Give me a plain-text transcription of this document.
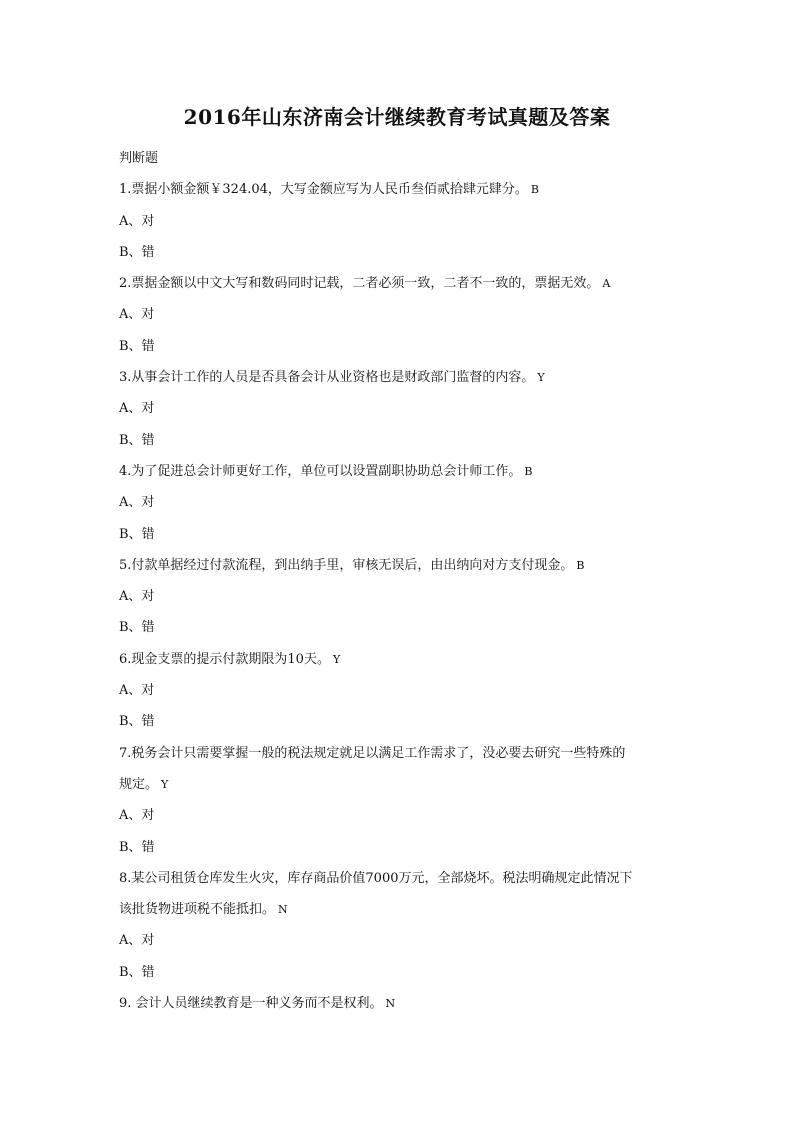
2016年山东济南会计继续教育考试真题及答案
判断题
1.票据小额金额￥324.04，大写金额应写为人民币叁佰贰拾肆元肆分。 B
A、对
B、错
2.票据金额以中文大写和数码同时记载，二者必须一致，二者不一致的，票据无效。 A
A、对
B、错
3.从事会计工作的人员是否具备会计从业资格也是财政部门监督的内容。 Y
A、对
B、错
4.为了促进总会计师更好工作，单位可以设置副职协助总会计师工作。 B
A、对
B、错
5.付款单据经过付款流程，到出纳手里，审核无误后，由出纳向对方支付现金。 B
A、对
B、错
6.现金支票的提示付款期限为10天。 Y
A、对
B、错
7.税务会计只需要掌握一般的税法规定就足以满足工作需求了，没必要去研究一些特殊的
规定。 Y
A、对
B、错
8.某公司租赁仓库发生火灾，库存商品价值7000万元，全部烧坏。税法明确规定此情况下
该批货物进项税不能抵扣。 N
A、对
B、错
9. 会计人员继续教育是一种义务而不是权利。 N
